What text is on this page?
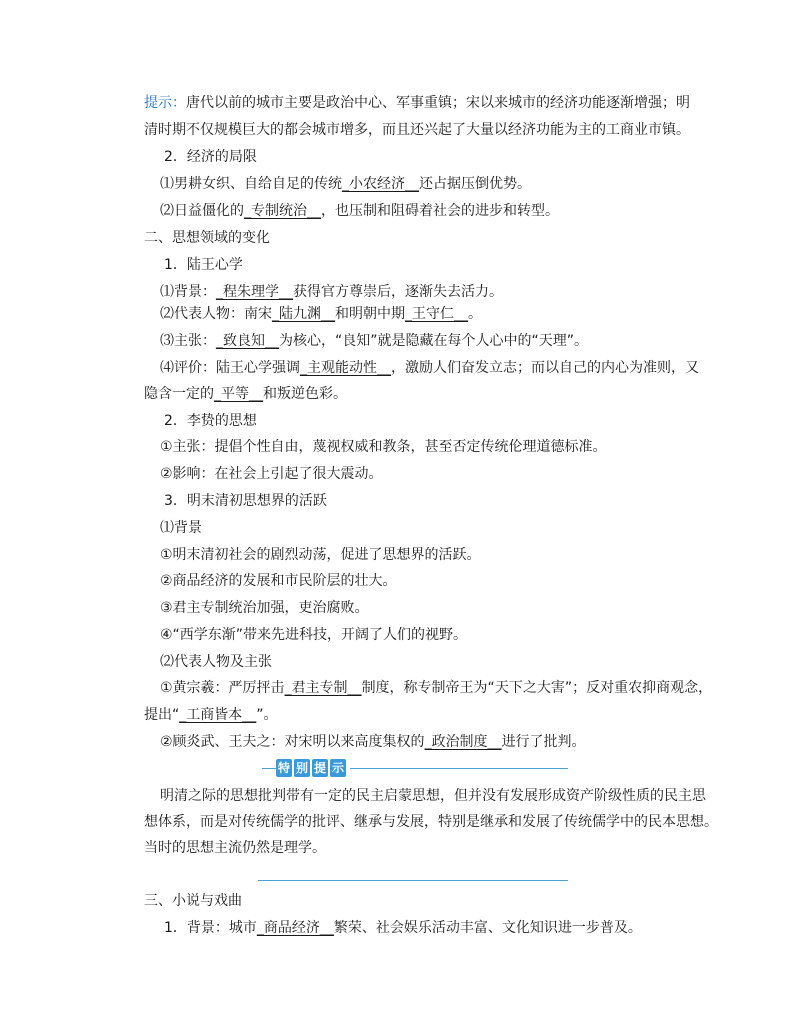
提示：唐代以前的城市主要是政治中心、军事重镇；宋以来城市的经济功能逐渐增强；明
清时期不仅规模巨大的都会城市增多，而且还兴起了大量以经济功能为主的工商业市镇。
2．经济的局限
⑴男耕女织、自给自足的传统_小农经济__还占据压倒优势。
⑵日益僵化的_专制统治__，也压制和阻碍着社会的进步和转型。
二、思想领域的变化
1．陆王心学
⑴背景：_程朱理学__获得官方尊崇后，逐渐失去活力。
⑵代表人物：南宋_陆九渊__和明朝中期_王守仁__。
⑶主张：_致良知__为核心，“良知”就是隐藏在每个人心中的“天理”。
⑷评价：陆王心学强调_主观能动性__，激励人们奋发立志；而以自己的内心为准则，又
隐含一定的_平等__和叛逆色彩。
2．李贽的思想
①主张：提倡个性自由，蔑视权威和教条，甚至否定传统伦理道德标准。
②影响：在社会上引起了很大震动。
3．明末清初思想界的活跃
⑴背景
①明末清初社会的剧烈动荡，促进了思想界的活跃。
②商品经济的发展和市民阶层的壮大。
③君主专制统治加强，吏治腐败。
④“西学东渐”带来先进科技，开阔了人们的视野。
⑵代表人物及主张
①黄宗羲：严厉抨击_君主专制__制度，称专制帝王为“天下之大害”；反对重农抑商观念，
提出“_工商皆本__”。
②顾炎武、王夫之：对宋明以来高度集权的_政治制度__进行了批判。
明清之际的思想批判带有一定的民主启蒙思想，但并没有发展形成资产阶级性质的民主思
想体系，而是对传统儒学的批评、继承与发展，特别是继承和发展了传统儒学中的民本思想。
当时的思想主流仍然是理学。
三、小说与戏曲
1．背景：城市_商品经济__繁荣、社会娱乐活动丰富、文化知识进一步普及。
特 别 提 示
